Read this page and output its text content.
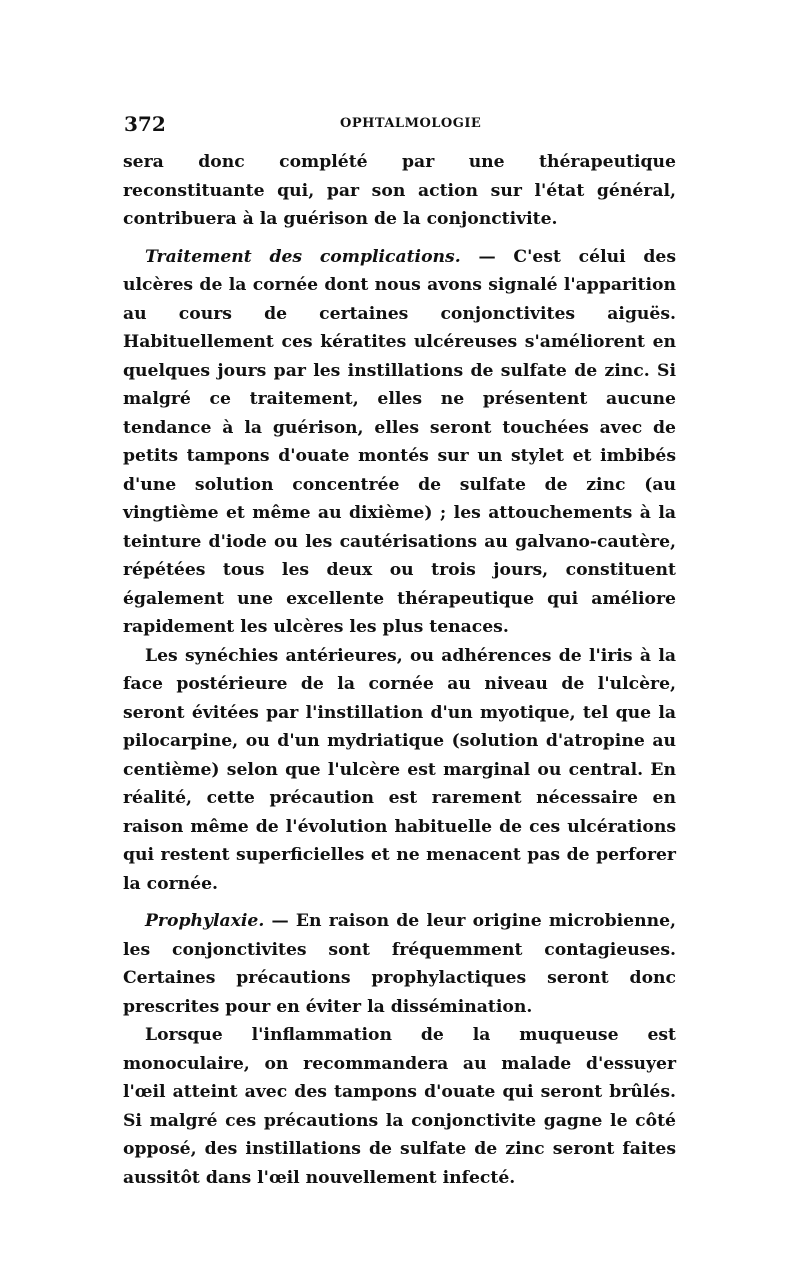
372	OPHTALMOLOGIE

sera donc complété par une thérapeutique reconstituante qui, par son action sur l'état général, contribuera à la guérison de la conjonctivite.

Traitement des complications. — C'est célui des ulcères de la cornée dont nous avons signalé l'apparition au cours de certaines conjonctivites aiguës. Habituellement ces kératites ulcéreuses s'améliorent en quelques jours par les instillations de sulfate de zinc. Si malgré ce traitement, elles ne présentent aucune tendance à la guérison, elles seront touchées avec de petits tampons d'ouate montés sur un stylet et imbibés d'une solution concentrée de sulfate de zinc (au vingtième et même au dixième) ; les attouchements à la teinture d'iode ou les cautérisations au galvano-cautère, répétées tous les deux ou trois jours, constituent également une excellente thérapeutique qui améliore rapidement les ulcères les plus tenaces.

Les synéchies antérieures, ou adhérences de l'iris à la face postérieure de la cornée au niveau de l'ulcère, seront évitées par l'instillation d'un myotique, tel que la pilocarpine, ou d'un mydriatique (solution d'atropine au centième) selon que l'ulcère est marginal ou central. En réalité, cette précaution est rarement nécessaire en raison même de l'évolution habituelle de ces ulcérations qui restent superficielles et ne menacent pas de perforer la cornée.

Prophylaxie. — En raison de leur origine microbienne, les conjonctivites sont fréquemment contagieuses. Certaines précautions prophylactiques seront donc prescrites pour en éviter la dissémination.

Lorsque l'inflammation de la muqueuse est monoculaire, on recommandera au malade d'essuyer l'œil atteint avec des tampons d'ouate qui seront brûlés. Si malgré ces précautions la conjonctivite gagne le côté opposé, des instillations de sulfate de zinc seront faites aussitôt dans l'œil nouvellement infecté.
